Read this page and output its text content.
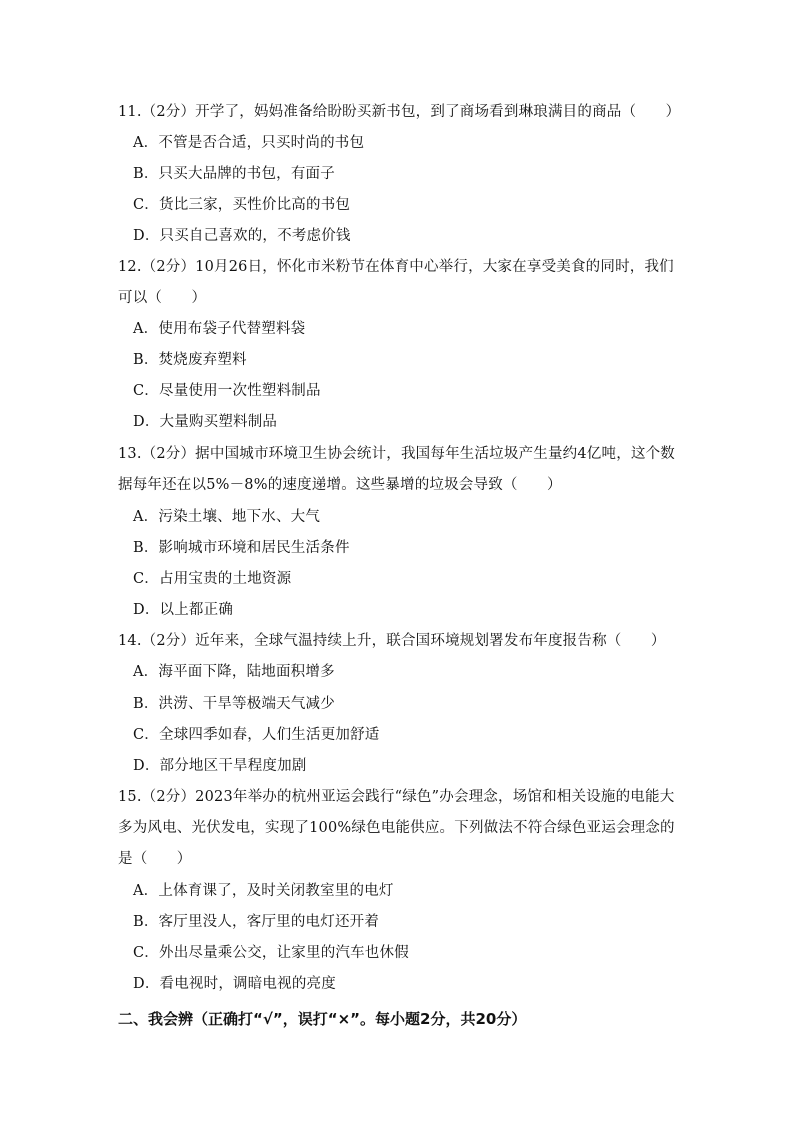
11.（2分）开学了，妈妈准备给盼盼买新书包，到了商场看到琳琅满目的商品（　　）
A．不管是否合适，只买时尚的书包
B．只买大品牌的书包，有面子
C．货比三家，买性价比高的书包
D．只买自己喜欢的，不考虑价钱
12.（2分）10月26日，怀化市米粉节在体育中心举行，大家在享受美食的同时，我们可以（　　）
A．使用布袋子代替塑料袋
B．焚烧废弃塑料
C．尽量使用一次性塑料制品
D．大量购买塑料制品
13.（2分）据中国城市环境卫生协会统计，我国每年生活垃圾产生量约4亿吨，这个数据每年还在以5%－8%的速度递增。这些暴增的垃圾会导致（　　）
A．污染土壤、地下水、大气
B．影响城市环境和居民生活条件
C．占用宝贵的土地资源
D．以上都正确
14.（2分）近年来，全球气温持续上升，联合国环境规划署发布年度报告称（　　）
A．海平面下降，陆地面积增多
B．洪涝、干旱等极端天气减少
C．全球四季如春，人们生活更加舒适
D．部分地区干旱程度加剧
15.（2分）2023年举办的杭州亚运会践行“绿色”办会理念，场馆和相关设施的电能大多为风电、光伏发电，实现了100%绿色电能供应。下列做法不符合绿色亚运会理念的是（　　）
A．上体育课了，及时关闭教室里的电灯
B．客厅里没人，客厅里的电灯还开着
C．外出尽量乘公交，让家里的汽车也休假
D．看电视时，调暗电视的亮度
二、我会辨（正确打“√”，误打“×”。每小题2分，共20分）
